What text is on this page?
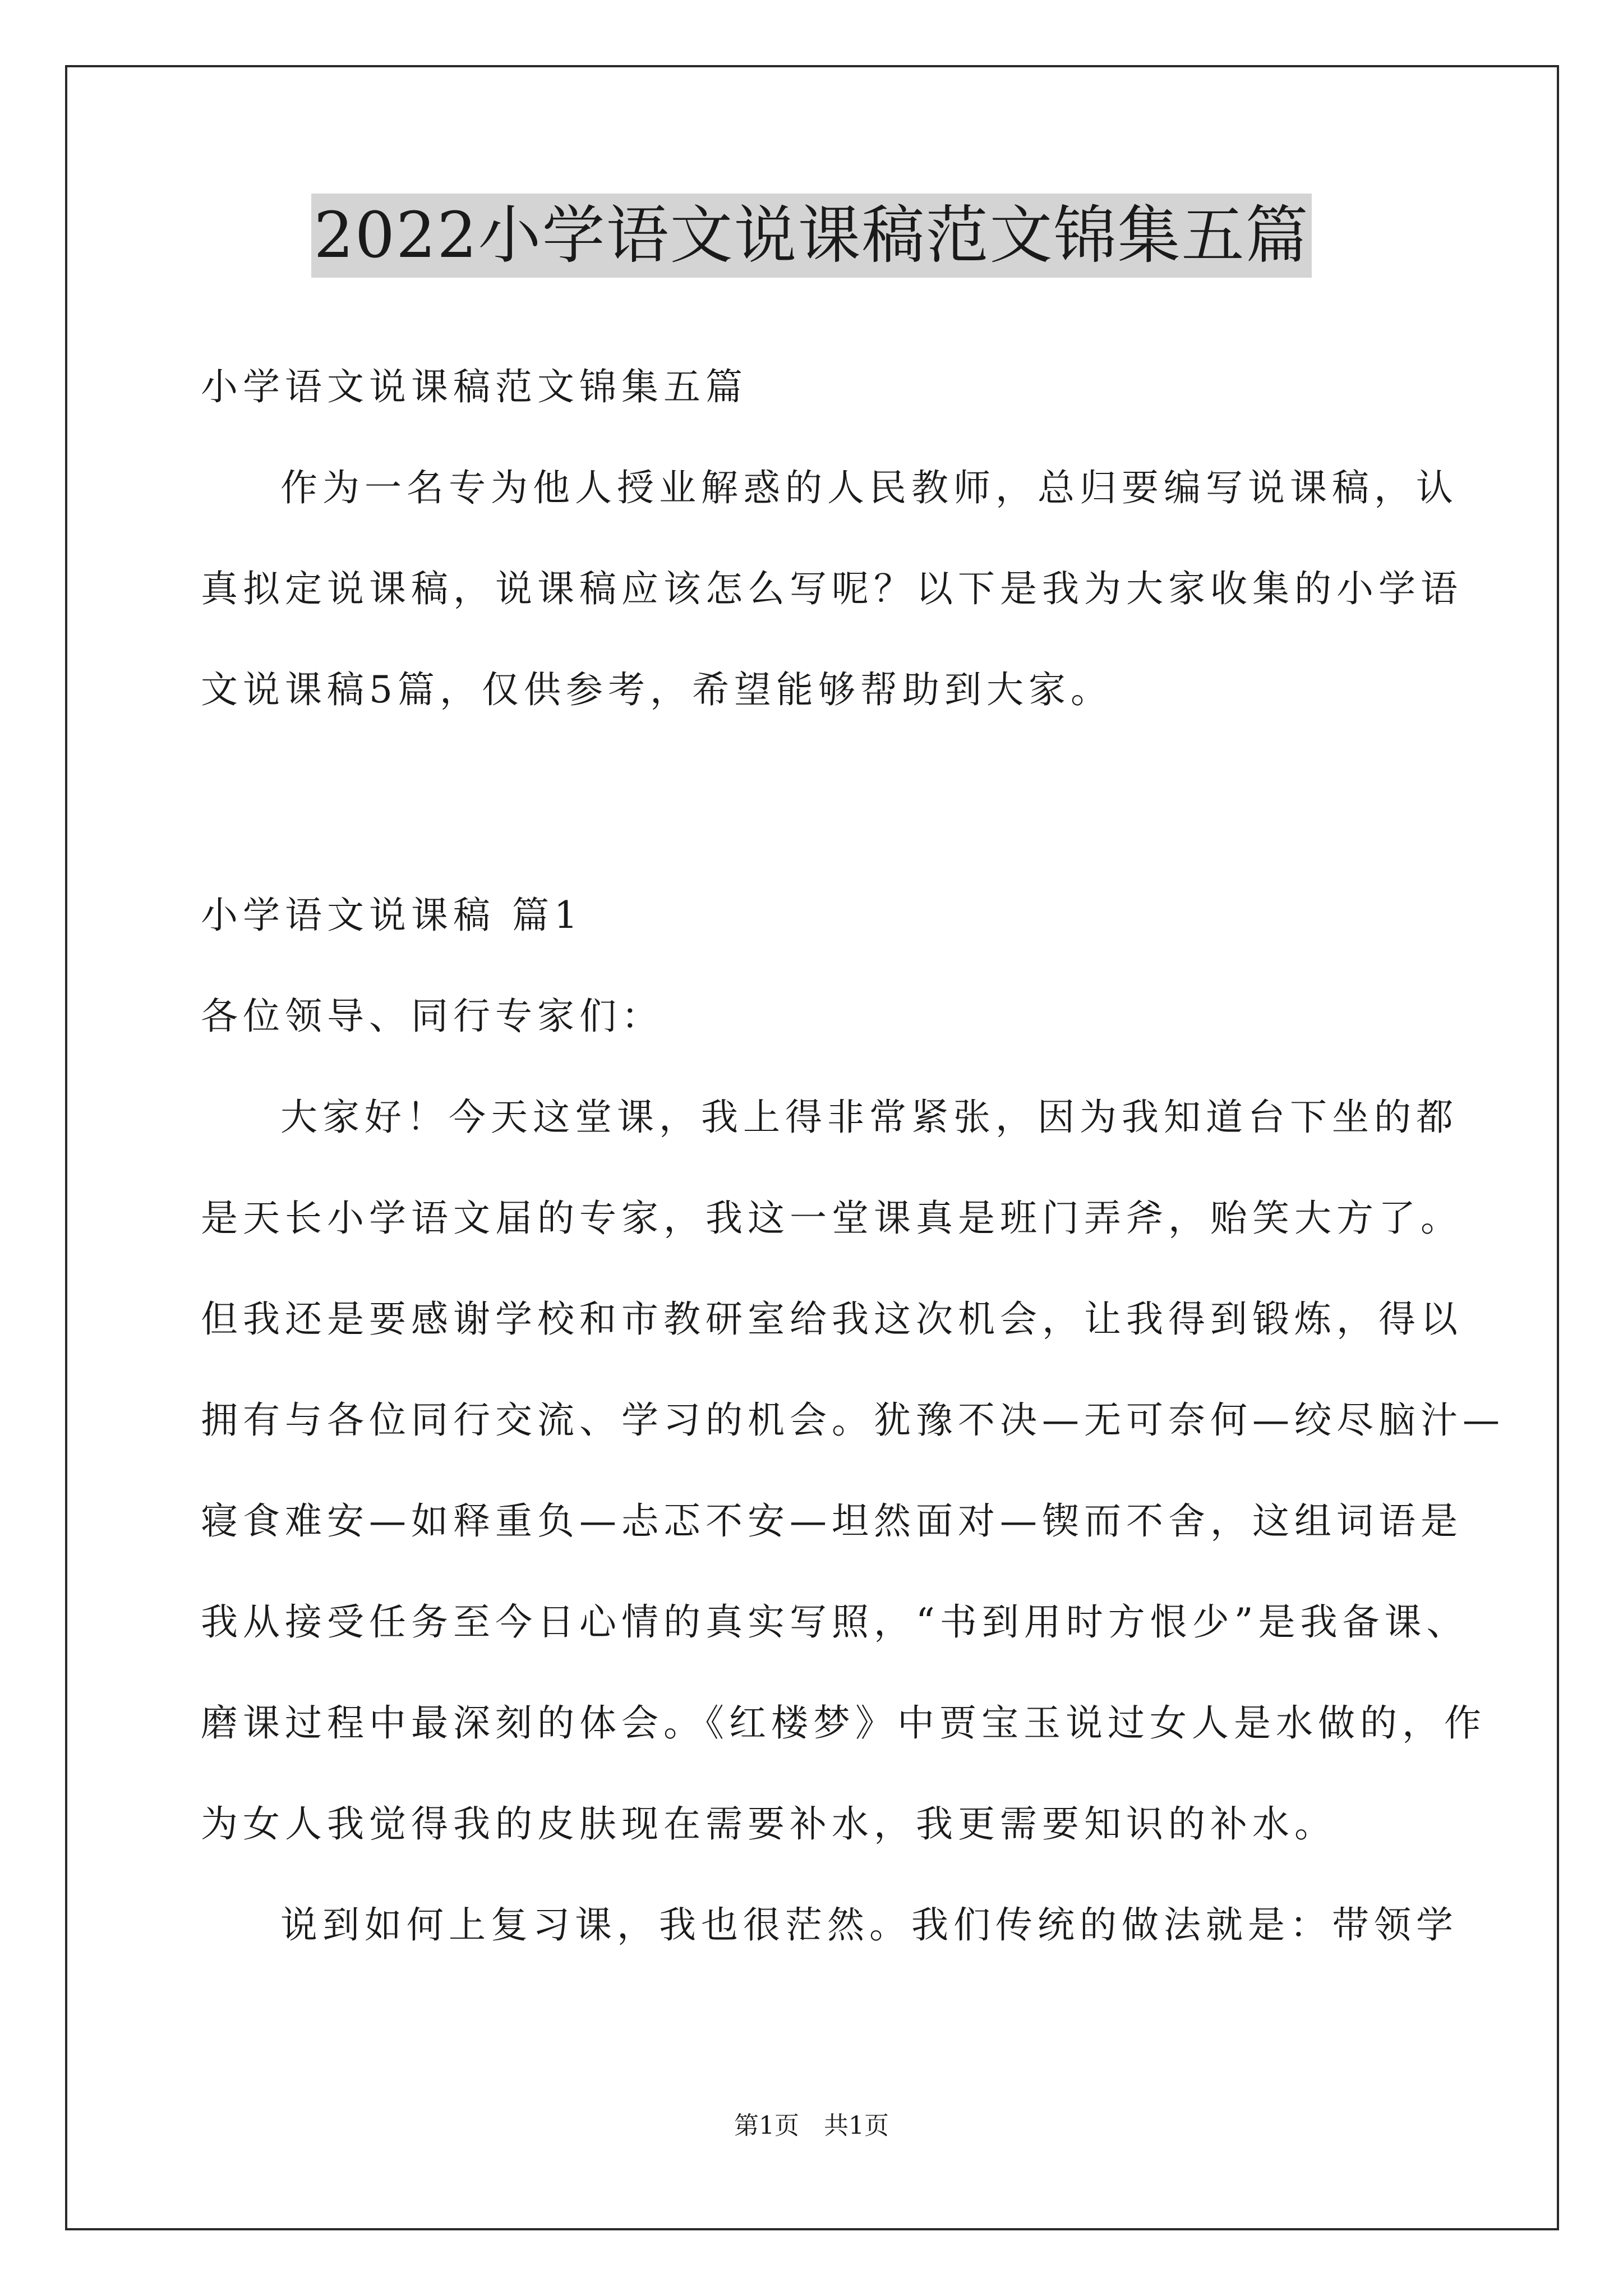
2022小学语文说课稿范文锦集五篇

小学语文说课稿范文锦集五篇

作为一名专为他人授业解惑的人民教师，总归要编写说课稿，认

真拟定说课稿，说课稿应该怎么写呢？以下是我为大家收集的小学语

文说课稿5篇，仅供参考，希望能够帮助到大家。

小学语文说课稿 篇1

各位领导、同行专家们：

大家好！今天这堂课，我上得非常紧张，因为我知道台下坐的都

是天长小学语文届的专家，我这一堂课真是班门弄斧，贻笑大方了。

但我还是要感谢学校和市教研室给我这次机会，让我得到锻炼，得以

拥有与各位同行交流、学习的机会。犹豫不决—无可奈何—绞尽脑汁—

寝食难安—如释重负—忐忑不安—坦然面对—锲而不舍，这组词语是

我从接受任务至今日心情的真实写照，“书到用时方恨少”是我备课、

磨课过程中最深刻的体会。《红楼梦》中贾宝玉说过女人是水做的，作

为女人我觉得我的皮肤现在需要补水，我更需要知识的补水。

说到如何上复习课，我也很茫然。我们传统的做法就是：带领学

第1页　共1页
